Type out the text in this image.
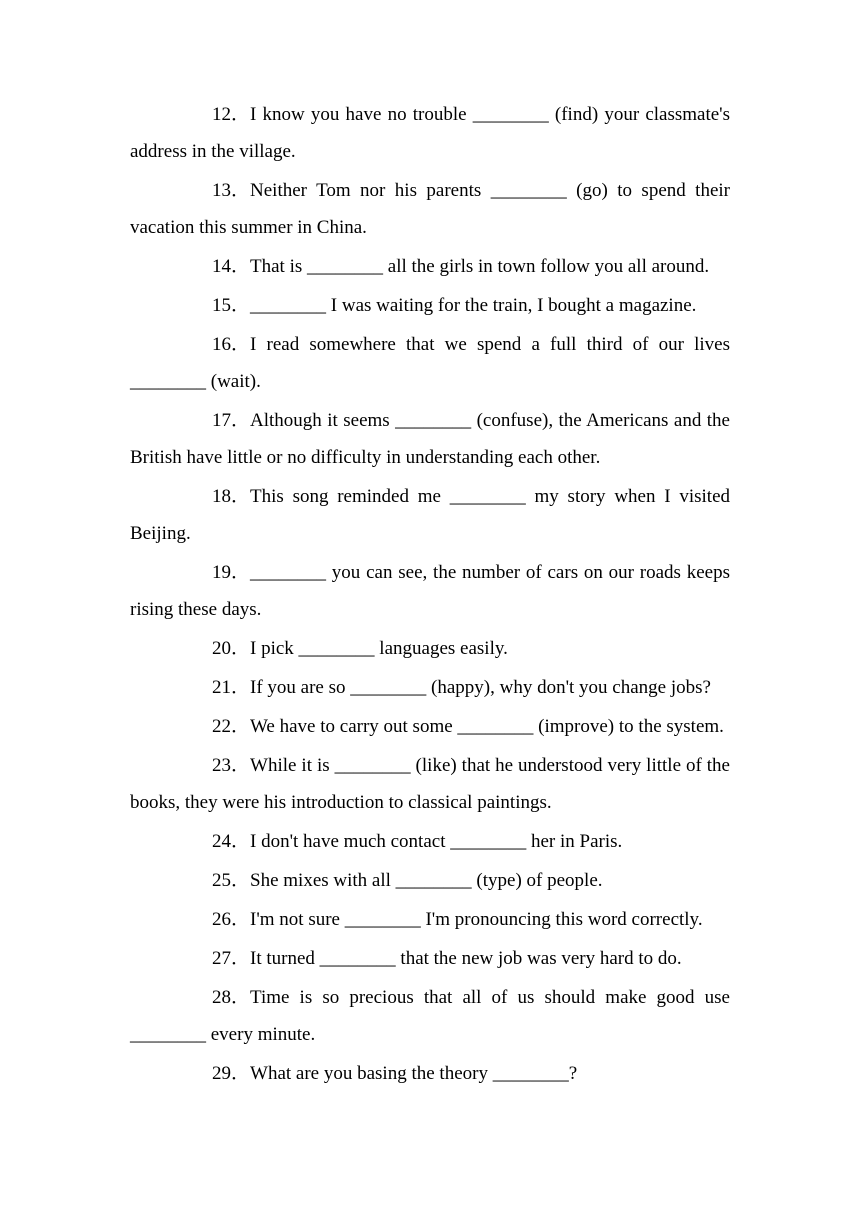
12．I know you have no trouble ________ (find) your classmate's address in the village.

13．Neither Tom nor his parents ________ (go) to spend their vacation this summer in China.

14．That is ________ all the girls in town follow you all around.

15．________ I was waiting for the train, I bought a magazine.

16．I read somewhere that we spend a full third of our lives ________ (wait).

17．Although it seems ________ (confuse), the Americans and the British have little or no difficulty in understanding each other.

18．This song reminded me ________ my story when I visited Beijing.

19．________ you can see, the number of cars on our roads keeps rising these days.

20．I pick ________ languages easily.

21．If you are so ________ (happy), why don't you change jobs?

22．We have to carry out some ________ (improve) to the system.

23．While it is ________ (like) that he understood very little of the books, they were his introduction to classical paintings.

24．I don't have much contact ________ her in Paris.

25．She mixes with all ________ (type) of people.

26．I'm not sure ________ I'm pronouncing this word correctly.

27．It turned ________ that the new job was very hard to do.

28．Time is so precious that all of us should make good use ________ every minute.

29．What are you basing the theory ________?
